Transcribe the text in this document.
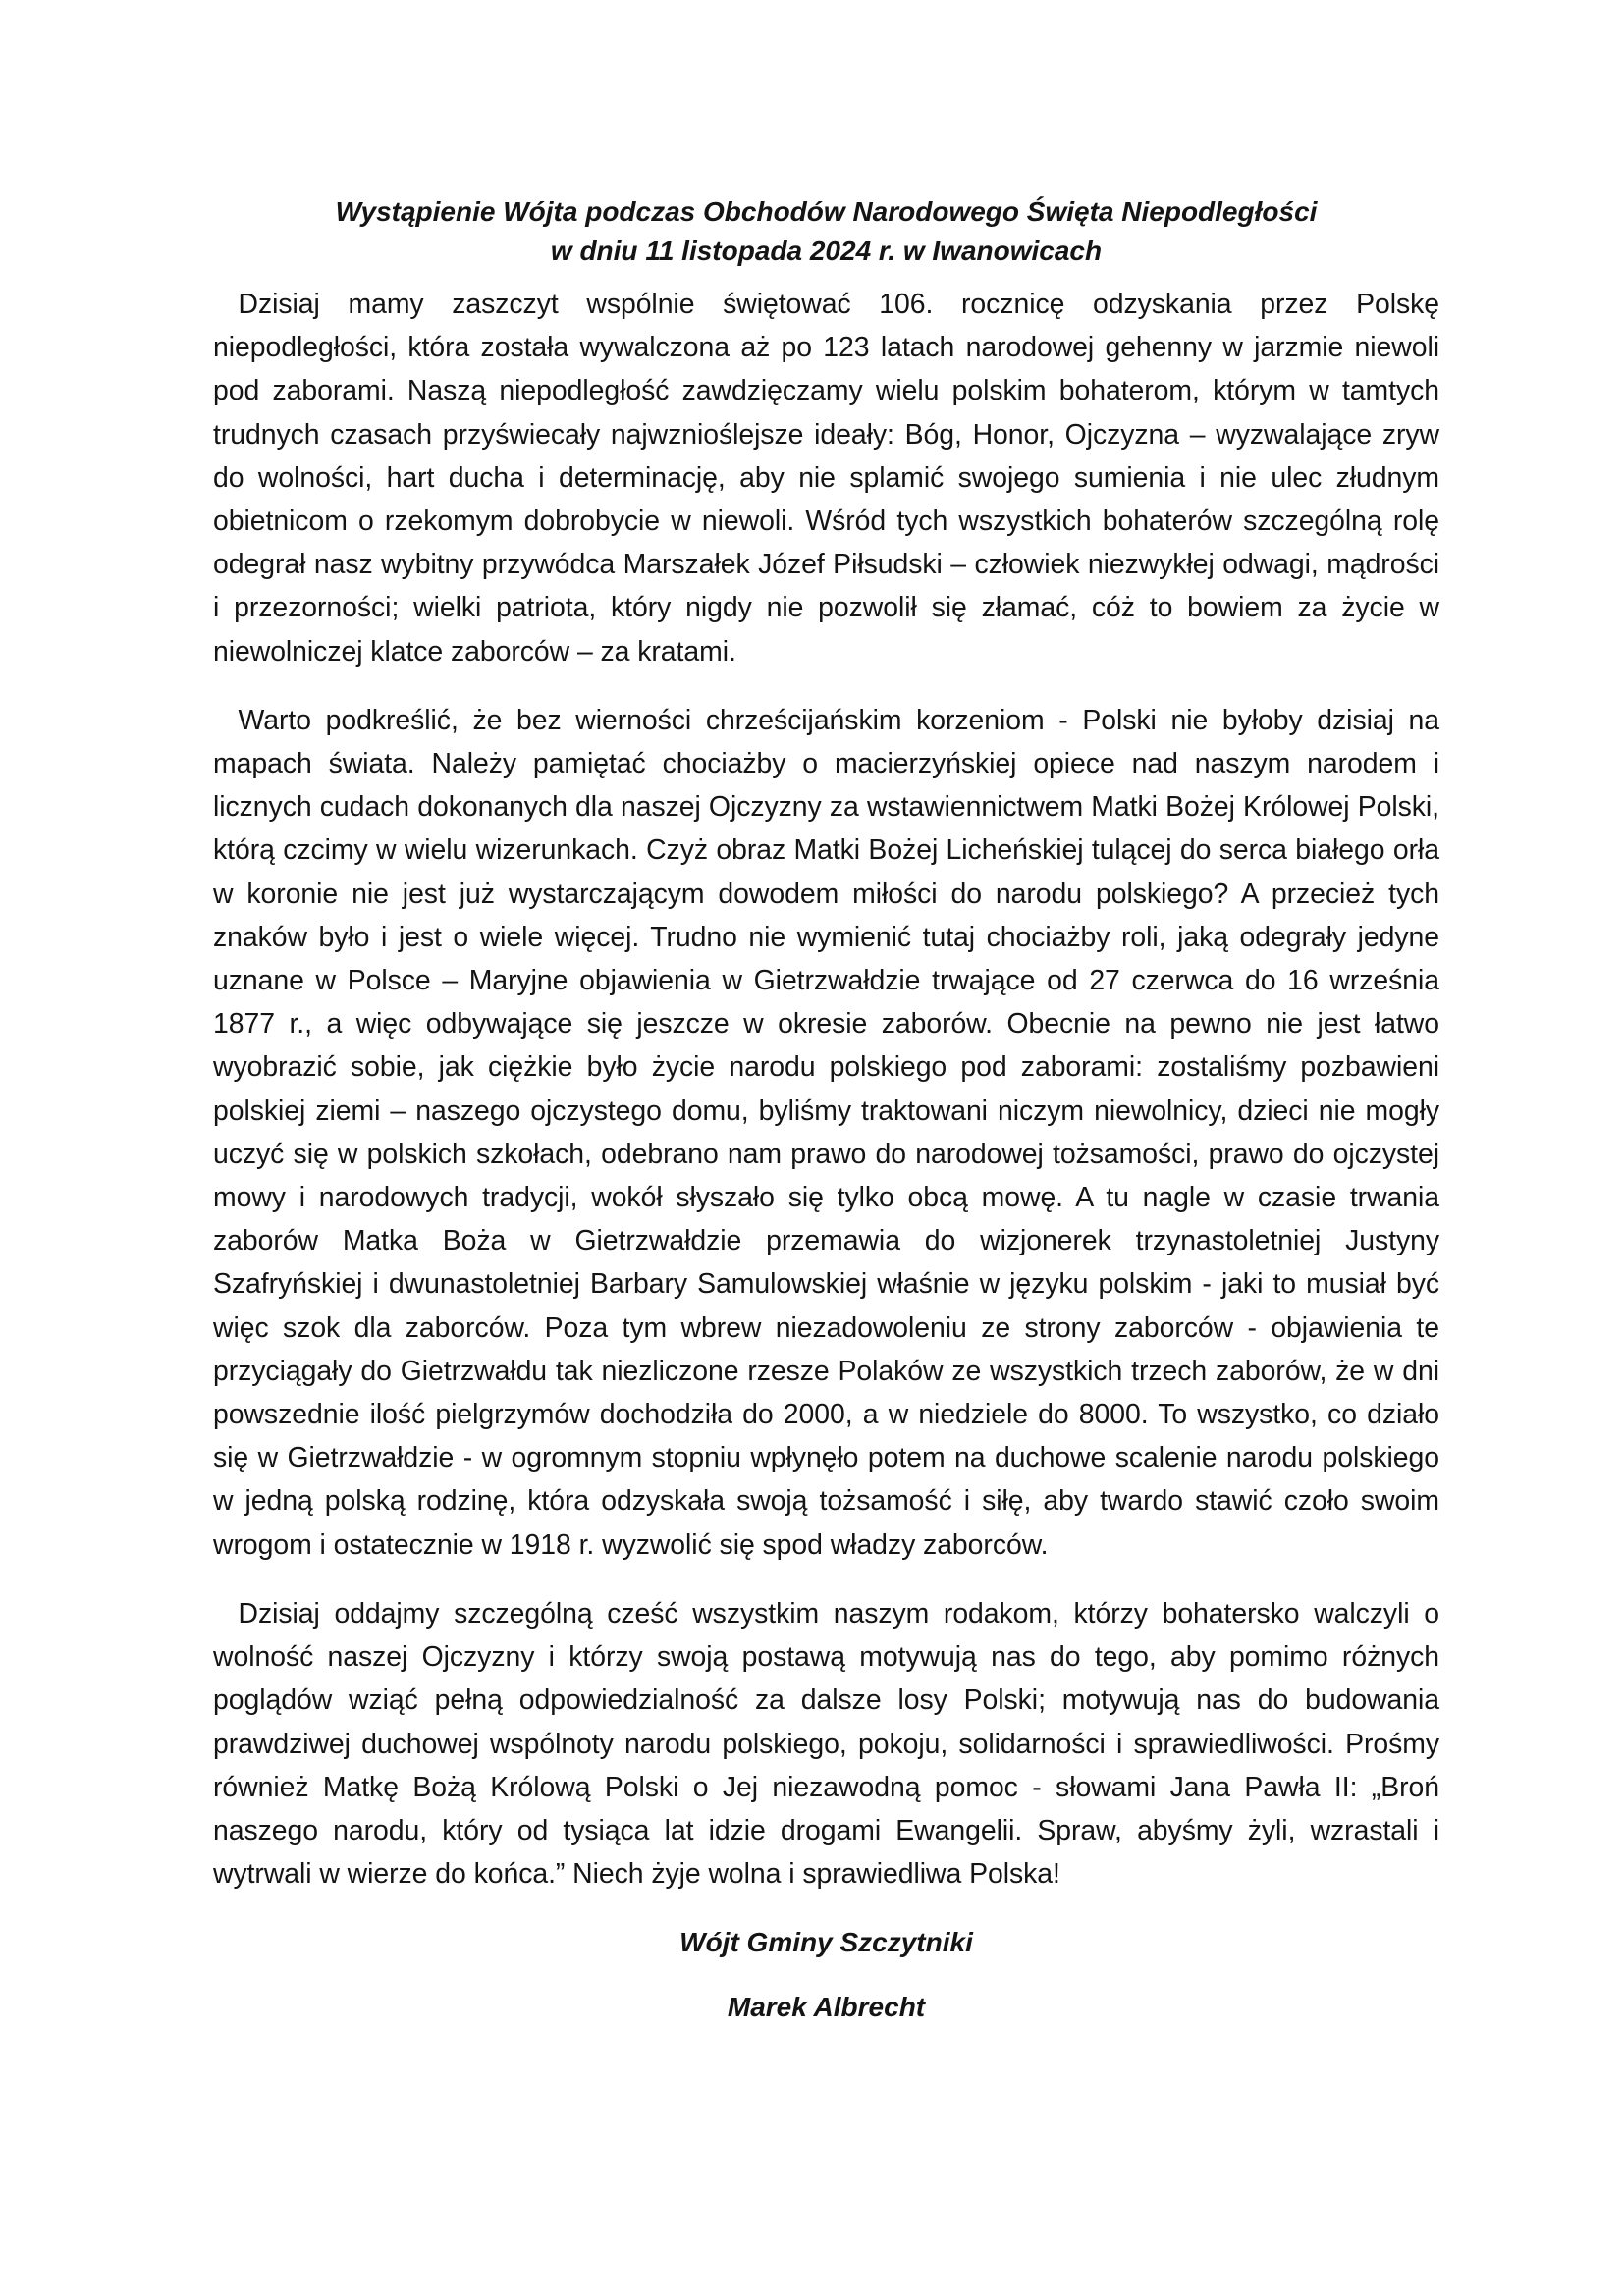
Wystąpienie Wójta podczas Obchodów Narodowego Święta Niepodległości
w dniu 11 listopada 2024 r. w Iwanowicach

Dzisiaj mamy zaszczyt wspólnie świętować 106. rocznicę odzyskania przez Polskę niepodległości, która została wywalczona aż po 123 latach narodowej gehenny w jarzmie niewoli pod zaborami. Naszą niepodległość zawdzięczamy wielu polskim bohaterom, którym w tamtych trudnych czasach przyświecały najwznioślejsze ideały: Bóg, Honor, Ojczyzna – wyzwalające zryw do wolności, hart ducha i determinację, aby nie splamić swojego sumienia i nie ulec złudnym obietnicom o rzekomym dobrobycie w niewoli. Wśród tych wszystkich bohaterów szczególną rolę odegrał nasz wybitny przywódca Marszałek Józef Piłsudski – człowiek niezwykłej odwagi, mądrości i przezorności; wielki patriota, który nigdy nie pozwolił się złamać, cóż to bowiem za życie w niewolniczej klatce zaborców – za kratami.

Warto podkreślić, że bez wierności chrześcijańskim korzeniom - Polski nie byłoby dzisiaj na mapach świata. Należy pamiętać chociażby o macierzyńskiej opiece nad naszym narodem i licznych cudach dokonanych dla naszej Ojczyzny za wstawiennictwem Matki Bożej Królowej Polski, którą czcimy w wielu wizerunkach. Czyż obraz Matki Bożej Licheńskiej tulącej do serca białego orła w koronie nie jest już wystarczającym dowodem miłości do narodu polskiego? A przecież tych znaków było i jest o wiele więcej. Trudno nie wymienić tutaj chociażby roli, jaką odegrały jedyne uznane w Polsce – Maryjne objawienia w Gietrzwałdzie trwające od 27 czerwca do 16 września 1877 r., a więc odbywające się jeszcze w okresie zaborów. Obecnie na pewno nie jest łatwo wyobrazić sobie, jak ciężkie było życie narodu polskiego pod zaborami: zostaliśmy pozbawieni polskiej ziemi – naszego ojczystego domu, byliśmy traktowani niczym niewolnicy, dzieci nie mogły uczyć się w polskich szkołach, odebrano nam prawo do narodowej tożsamości, prawo do ojczystej mowy i narodowych tradycji, wokół słyszało się tylko obcą mowę. A tu nagle w czasie trwania zaborów Matka Boża w Gietrzwałdzie przemawia do wizjonerek trzynastoletniej Justyny Szafryńskiej i dwunastoletniej Barbary Samulowskiej właśnie w języku polskim - jaki to musiał być więc szok dla zaborców. Poza tym wbrew niezadowoleniu ze strony zaborców - objawienia te przyciągały do Gietrzwałdu tak niezliczone rzesze Polaków ze wszystkich trzech zaborów, że w dni powszednie ilość pielgrzymów dochodziła do 2000, a w niedziele do 8000. To wszystko, co działo się w Gietrzwałdzie - w ogromnym stopniu wpłynęło potem na duchowe scalenie narodu polskiego w jedną polską rodzinę, która odzyskała swoją tożsamość i siłę, aby twardo stawić czoło swoim wrogom i ostatecznie w 1918 r. wyzwolić się spod władzy zaborców.

Dzisiaj oddajmy szczególną cześć wszystkim naszym rodakom, którzy bohatersko walczyli o wolność naszej Ojczyzny i którzy swoją postawą motywują nas do tego, aby pomimo różnych poglądów wziąć pełną odpowiedzialność za dalsze losy Polski; motywują nas do budowania prawdziwej duchowej wspólnoty narodu polskiego, pokoju, solidarności i sprawiedliwości. Prośmy również Matkę Bożą Królową Polski o Jej niezawodną pomoc - słowami Jana Pawła II: „Broń naszego narodu, który od tysiąca lat idzie drogami Ewangelii. Spraw, abyśmy żyli, wzrastali i wytrwali w wierze do końca.” Niech żyje wolna i sprawiedliwa Polska!

Wójt Gminy Szczytniki

Marek Albrecht
